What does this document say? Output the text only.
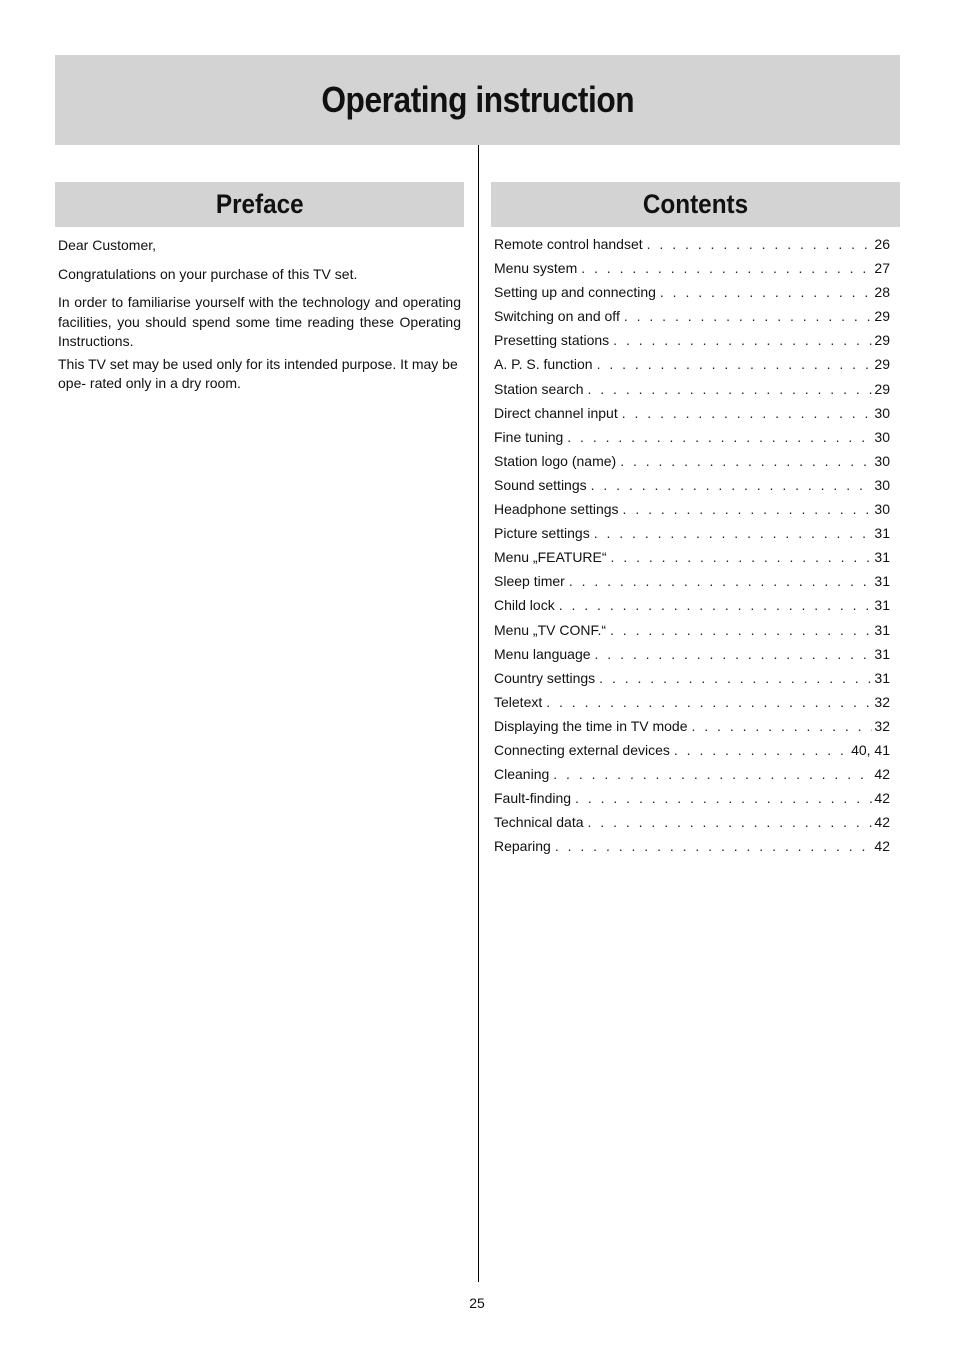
Operating instruction
Preface

Dear Customer,

Congratulations on your purchase of this TV set.

In order to familiarise yourself with the technology and operating facilities, you should spend some time reading these Operating Instructions.

This TV set may be used only for its intended purpose. It may be ope- rated only in a dry room.

Contents
Remote control handset . . .	26
Menu system . . .	27
Setting up and connecting . . .	28
Switching on and off . . .	29
Presetting stations . . .	29
A. P. S. function . . .	29
Station search . . .	29
Direct channel input . . .	30
Fine tuning . . .	30
Station logo (name) . . .	30
Sound settings . . .	30
Headphone settings . . .	30
Picture settings . . .	31
Menu „FEATURE“ . . .	31
Sleep timer . . .	31
Child lock . . .	31
Menu „TV CONF.“ . . .	31
Menu language . . .	31
Country settings . . .	31
Teletext . . .	32
Displaying the time in TV mode . . .	32
Connecting external devices . . .	40, 41
Cleaning . . .	42
Fault-finding . . .	42
Technical data . . .	42
Reparing . . .	42
25
